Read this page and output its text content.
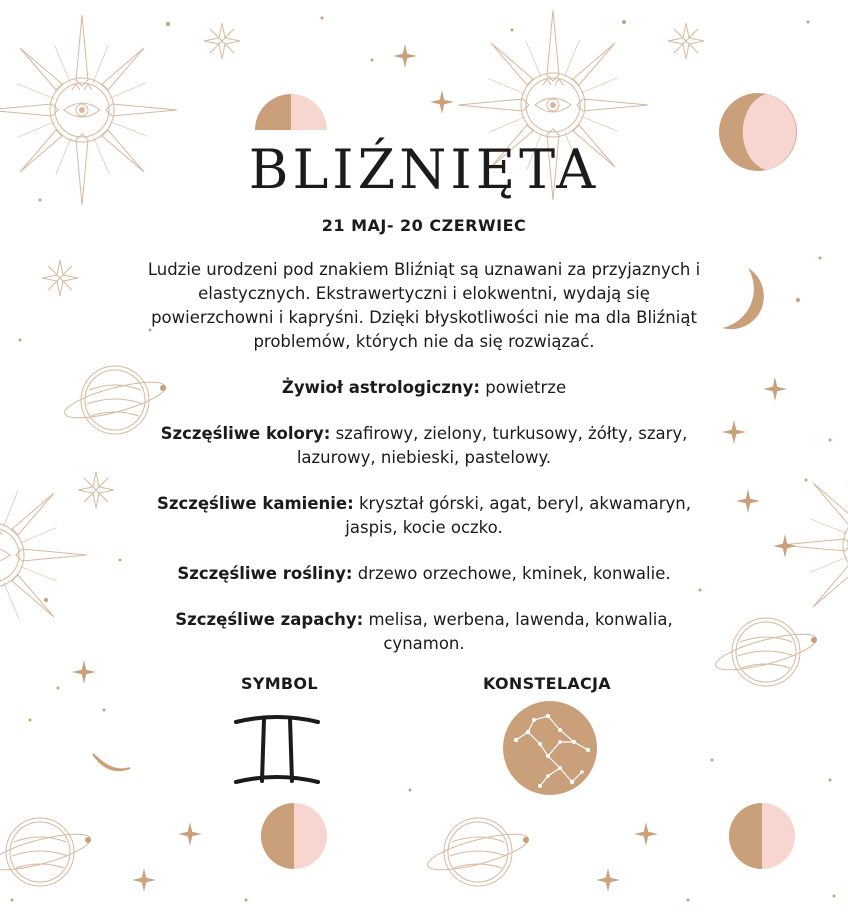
BLIŹNIĘTA
21 MAJ- 20 CZERWIEC

Ludzie urodzeni pod znakiem Bliźniąt są uznawani za przyjaznych i elastycznych. Ekstrawertyczni i elokwentni, wydają się powierzchowni i kapryśni. Dzięki błyskotliwości nie ma dla Bliźniąt problemów, których nie da się rozwiązać.

Żywioł astrologiczny: powietrze

Szczęśliwe kolory: szafirowy, zielony, turkusowy, żółty, szary, lazurowy, niebieski, pastelowy.

Szczęśliwe kamienie: kryształ górski, agat, beryl, akwamaryn, jaspis, kocie oczko.

Szczęśliwe rośliny: drzewo orzechowe, kminek, konwalie.

Szczęśliwe zapachy: melisa, werbena, lawenda, konwalia, cynamon.

SYMBOL	KONSTELACJA
